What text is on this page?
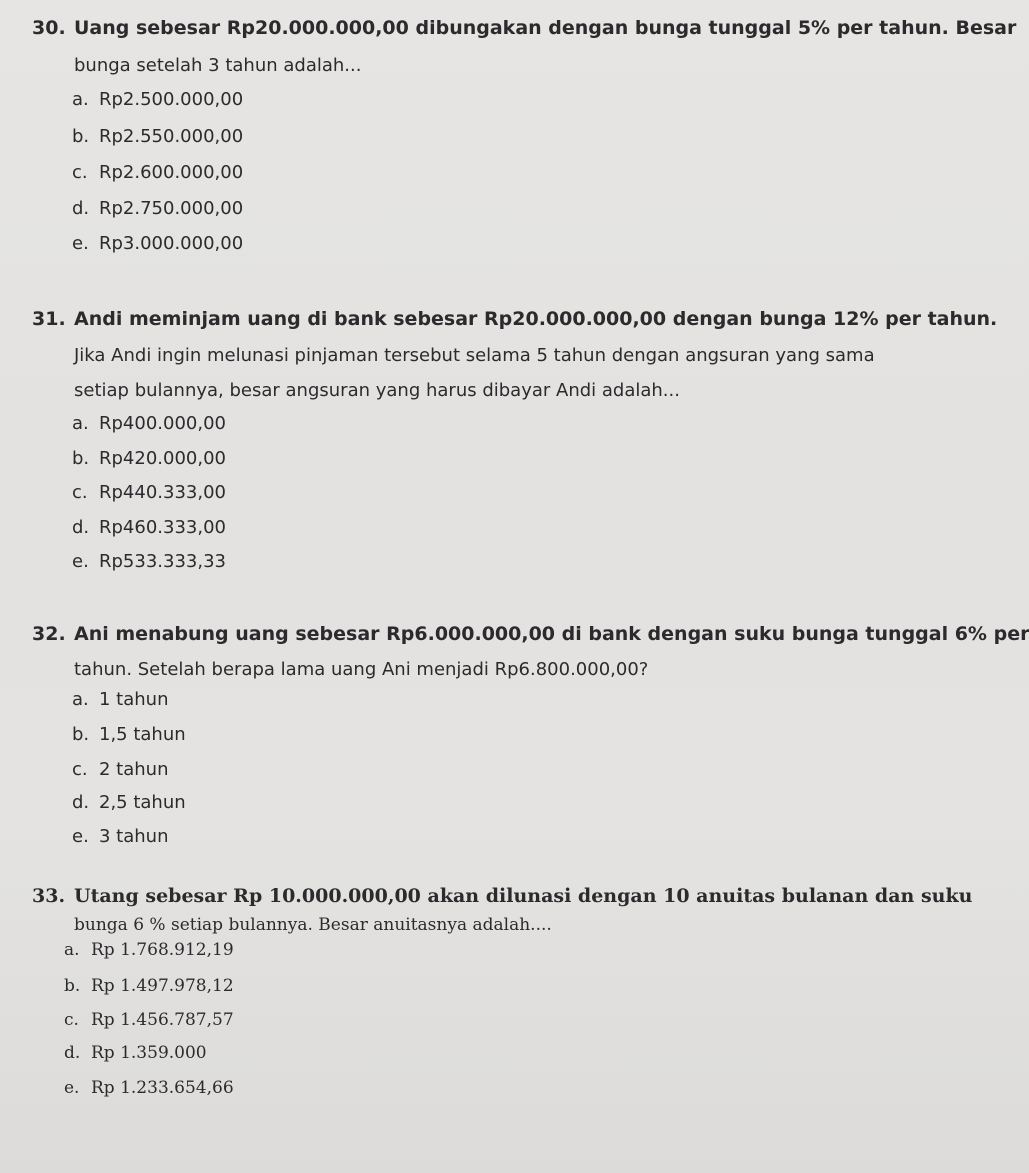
30. Uang sebesar Rp20.000.000,00 dibungakan dengan bunga tunggal 5% per tahun. Besar
bunga setelah 3 tahun adalah...
a. Rp2.500.000,00
b. Rp2.550.000,00
c. Rp2.600.000,00
d. Rp2.750.000,00
e. Rp3.000.000,00
31. Andi meminjam uang di bank sebesar Rp20.000.000,00 dengan bunga 12% per tahun.
Jika Andi ingin melunasi pinjaman tersebut selama 5 tahun dengan angsuran yang sama
setiap bulannya, besar angsuran yang harus dibayar Andi adalah...
a. Rp400.000,00
b. Rp420.000,00
c. Rp440.333,00
d. Rp460.333,00
e. Rp533.333,33
32. Ani menabung uang sebesar Rp6.000.000,00 di bank dengan suku bunga tunggal 6% per
tahun. Setelah berapa lama uang Ani menjadi Rp6.800.000,00?
a. 1 tahun
b. 1,5 tahun
c. 2 tahun
d. 2,5 tahun
e. 3 tahun
33. Utang sebesar Rp 10.000.000,00 akan dilunasi dengan 10 anuitas bulanan dan suku
bunga 6 % setiap bulannya. Besar anuitasnya adalah....
a. Rp 1.768.912,19
b. Rp 1.497.978,12
c. Rp 1.456.787,57
d. Rp 1.359.000
e. Rp 1.233.654,66
